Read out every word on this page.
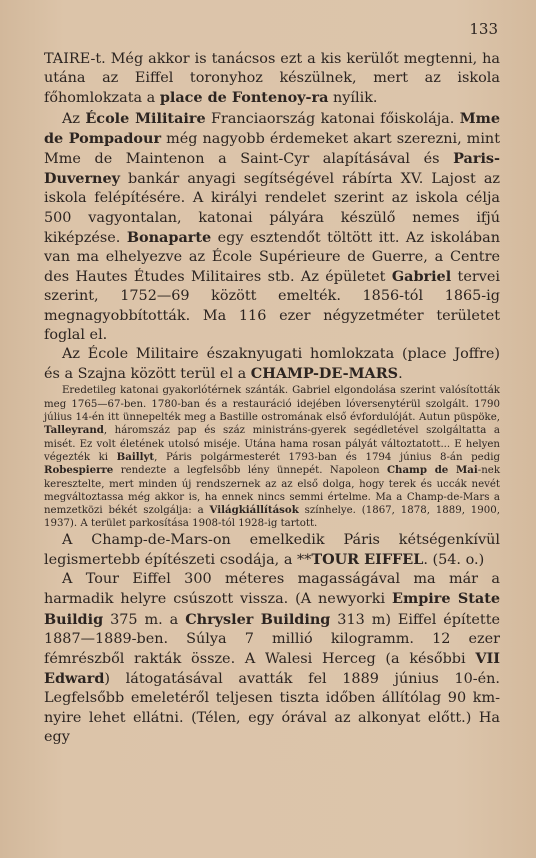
133

TAIRE-t. Még akkor is tanácsos ezt a kis kerülőt megtenni, ha utána az Eiffel toronyhoz készülnek, mert az iskola főhomlokzata a place de Fontenoy-ra nyílik.

Az École Militaire Franciaország katonai főiskolája. Mme de Pompadour még nagyobb érdemeket akart szerezni, mint Mme de Maintenon a Saint-Cyr alapításával és Paris-Duverney bankár anyagi segítségével rábírta XV. Lajost az iskola felépítésére. A királyi rendelet szerint az iskola célja 500 vagyontalan, katonai pályára készülő nemes ifjú kiképzése. Bonaparte egy esztendőt töltött itt. Az iskolában van ma elhelyezve az École Supérieure de Guerre, a Centre des Hautes Études Militaires stb. Az épületet Gabriel tervei szerint, 1752—69 között emelték. 1856-tól 1865-ig megnagyobbították. Ma 116 ezer négyzetméter területet foglal el.

Az École Militaire északnyugati homlokzata (place Joffre) és a Szajna között terül el a CHAMP-DE-MARS.

Eredetileg katonai gyakorlótérnek szánták. Gabriel elgondolása szerint valósították meg 1765—67-ben. 1780-ban és a restauráció idejében lóversenytérül szolgált. 1790 július 14-én itt ünnepelték meg a Bastille ostromának első évfordulóját. Autun püspöke, Talleyrand, háromszáz pap és száz ministráns-gyerek segédletével szolgáltatta a misét. Ez volt életének utolsó miséje. Utána hama rosan pályát változtatott... E helyen végezték ki Baillyt, Páris polgármesterét 1793-ban és 1794 június 8-án pedig Robespierre rendezte a legfelsőbb lény ünnepét. Napoleon Champ de Mai-nek keresztelte, mert minden új rendszernek az az első dolga, hogy terek és uccák nevét megváltoztassa még akkor is, ha ennek nincs semmi értelme. Ma a Champ-de-Mars a nemzetközi békét szolgálja: a Világkiállítások színhelye. (1867, 1878, 1889, 1900, 1937). A terület parkosítása 1908-tól 1928-ig tartott.

A Champ-de-Mars-on emelkedik Páris kétségenkívül legismertebb építészeti csodája, a **TOUR EIFFEL. (54. o.)

A Tour Eiffel 300 méteres magasságával ma már a harmadik helyre csúszott vissza. (A newyorki Empire State Buildig 375 m. a Chrysler Building 313 m) Eiffel építette 1887—1889-ben. Súlya 7 millió kilogramm. 12 ezer fémrészből rakták össze. A Walesi Herceg (a későbbi VII Edward) látogatásával avatták fel 1889 június 10-én. Legfelsőbb emeletéről teljesen tiszta időben állítólag 90 km-nyire lehet ellátni. (Télen, egy órával az alkonyat előtt.) Ha egy
